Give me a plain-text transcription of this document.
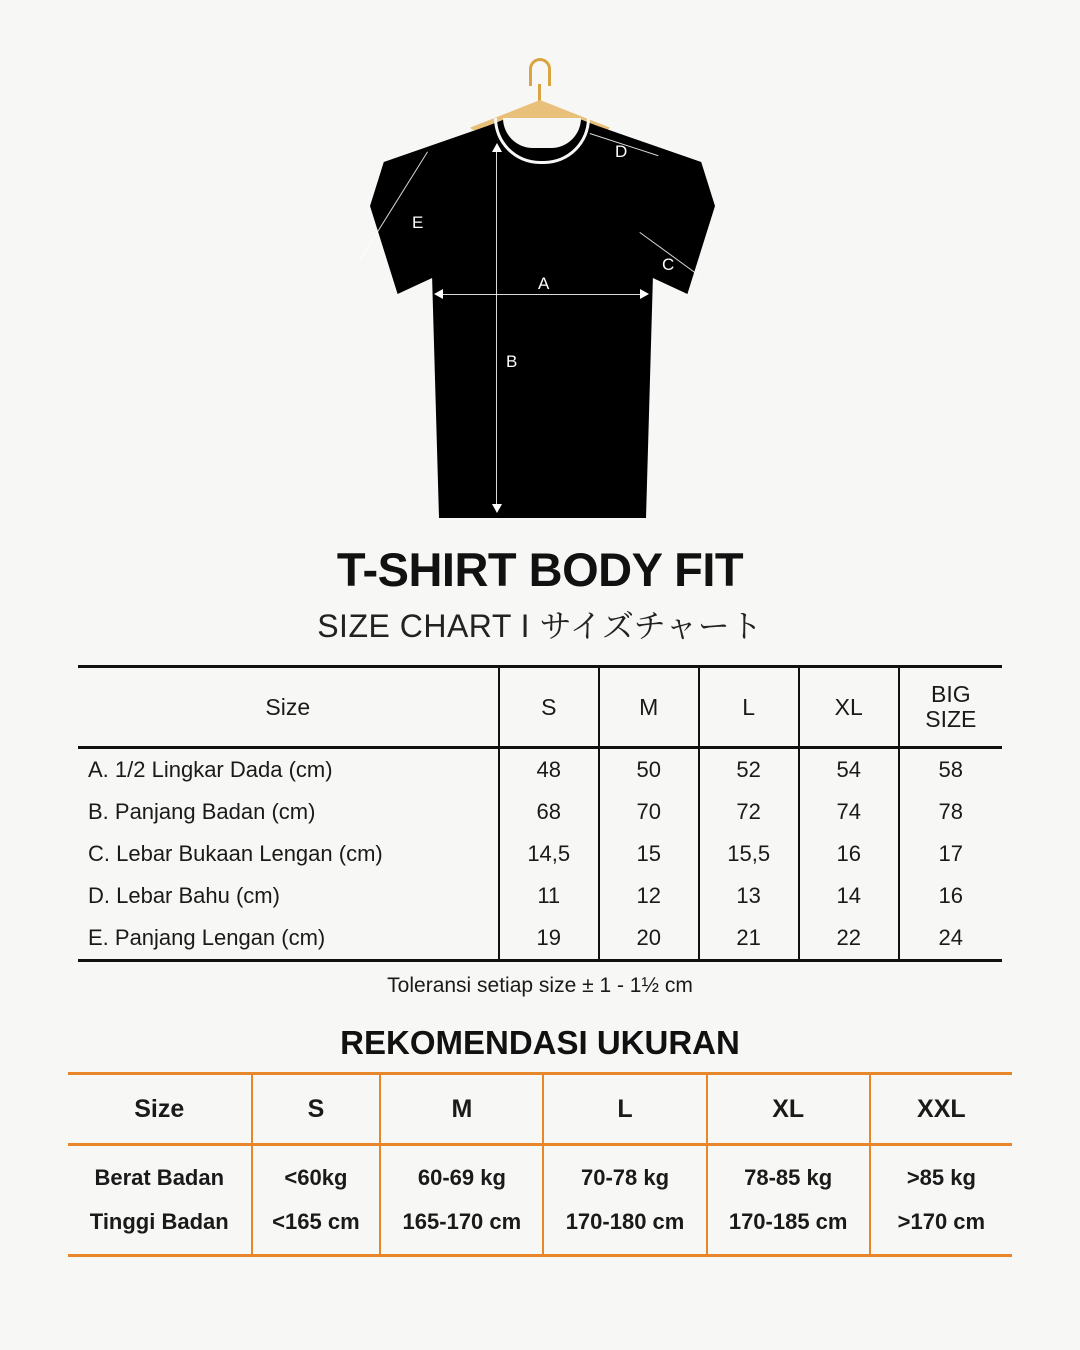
A
B
C
D
E
T-SHIRT BODY FIT
SIZE CHART I サイズチャート
Size	S	M	L	XL	BIG
SIZE
A. 1/2 Lingkar Dada (cm)	48	50	52	54	58
B. Panjang Badan (cm)	68	70	72	74	78
C. Lebar Bukaan Lengan (cm)	14,5	15	15,5	16	17
D. Lebar Bahu (cm)	11	12	13	14	16
E. Panjang Lengan (cm)	19	20	21	22	24
Toleransi setiap size ± 1 - 1½ cm
REKOMENDASI UKURAN
Size	S	M	L	XL	XXL
Berat Badan	<60kg	60-69 kg	70-78 kg	78-85 kg	>85 kg
Tinggi Badan	<165 cm	165-170 cm	170-180 cm	170-185 cm	>170 cm
